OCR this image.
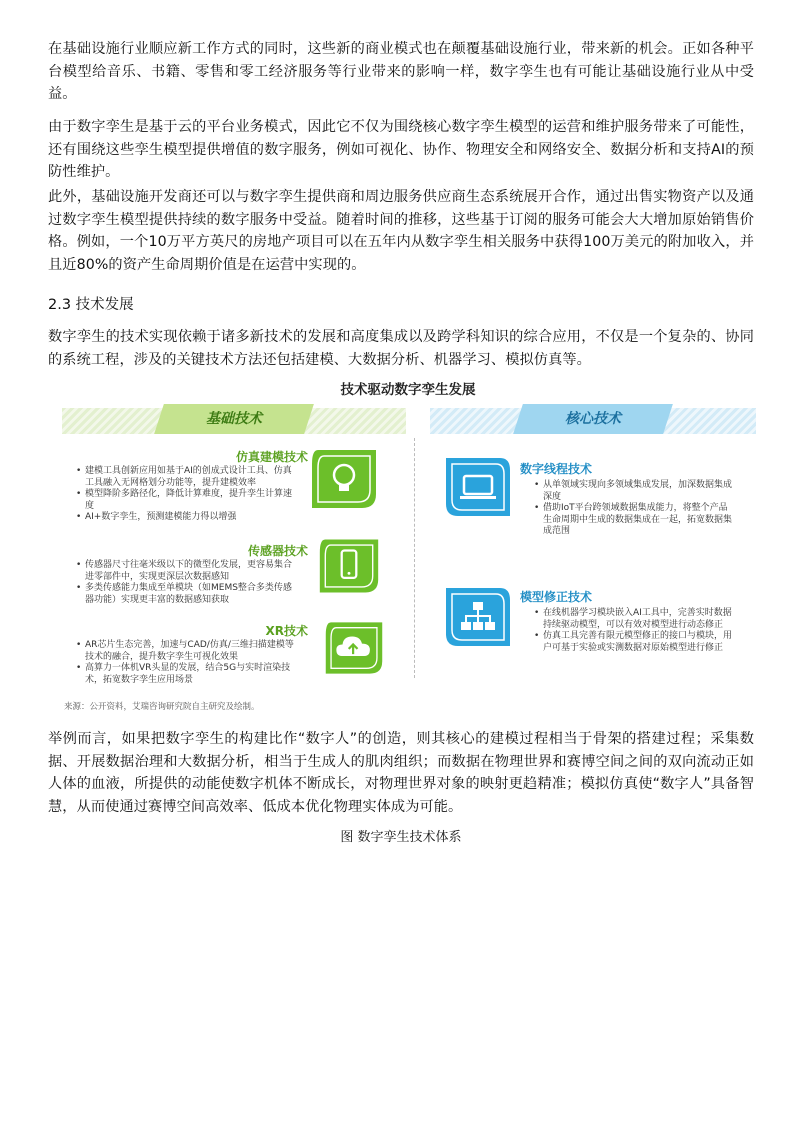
在基础设施行业顺应新工作方式的同时，这些新的商业模式也在颠覆基础设施行业，带来新的机会。正如各种平台模型给音乐、书籍、零售和零工经济服务等行业带来的影响一样，数字孪生也有可能让基础设施行业从中受益。

由于数字孪生是基于云的平台业务模式，因此它不仅为围绕核心数字孪生模型的运营和维护服务带来了可能性，还有围绕这些孪生模型提供增值的数字服务，例如可视化、协作、物理安全和网络安全、数据分析和支持AI的预防性维护。

此外，基础设施开发商还可以与数字孪生提供商和周边服务供应商生态系统展开合作，通过出售实物资产以及通过数字孪生模型提供持续的数字服务中受益。随着时间的推移，这些基于订阅的服务可能会大大增加原始销售价格。例如，一个10万平方英尺的房地产项目可以在五年内从数字孪生相关服务中获得100万美元的附加收入，并且近80%的资产生命周期价值是在运营中实现的。

2.3 技术发展

数字孪生的技术实现依赖于诸多新技术的发展和高度集成以及跨学科知识的综合应用，不仅是一个复杂的、协同的系统工程，涉及的关键技术方法还包括建模、大数据分析、机器学习、模拟仿真等。

技术驱动数字孪生发展
基础技术
仿真建模技术
• 建模工具创新应用如基于AI的创成式设计工具、仿真工具融入无网格划分功能等，提升建模效率
• 模型降阶多路径化，降低计算难度，提升孪生计算速度
• AI+数字孪生，预测建模能力得以增强
传感器技术
• 传感器尺寸往毫米级以下的微型化发展，更容易集合进零部件中，实现更深层次数据感知
• 多类传感能力集成至单模块（如MEMS整合多类传感器功能）实现更丰富的数据感知获取
XR技术
• AR芯片生态完善，加速与CAD/仿真/三维扫描建模等技术的融合，提升数字孪生可视化效果
• 高算力一体机VR头显的发展，结合5G与实时渲染技术，拓宽数字孪生应用场景
核心技术
数字线程技术
• 从单领域实现向多领域集成发展，加深数据集成深度
• 借助IoT平台跨领域数据集成能力，将整个产品生命周期中生成的数据集成在一起，拓宽数据集成范围
模型修正技术
• 在线机器学习模块嵌入AI工具中，完善实时数据持续驱动模型，可以有效对模型进行动态修正
• 仿真工具完善有限元模型修正的接口与模块，用户可基于实验或实测数据对原始模型进行修正
来源：公开资料，艾瑞咨询研究院自主研究及绘制。

举例而言，如果把数字孪生的构建比作“数字人”的创造，则其核心的建模过程相当于骨架的搭建过程；采集数据、开展数据治理和大数据分析，相当于生成人的肌肉组织；而数据在物理世界和赛博空间之间的双向流动正如人体的血液，所提供的动能使数字机体不断成长，对物理世界对象的映射更趋精准；模拟仿真使“数字人”具备智慧，从而使通过赛博空间高效率、低成本优化物理实体成为可能。

图 数字孪生技术体系
